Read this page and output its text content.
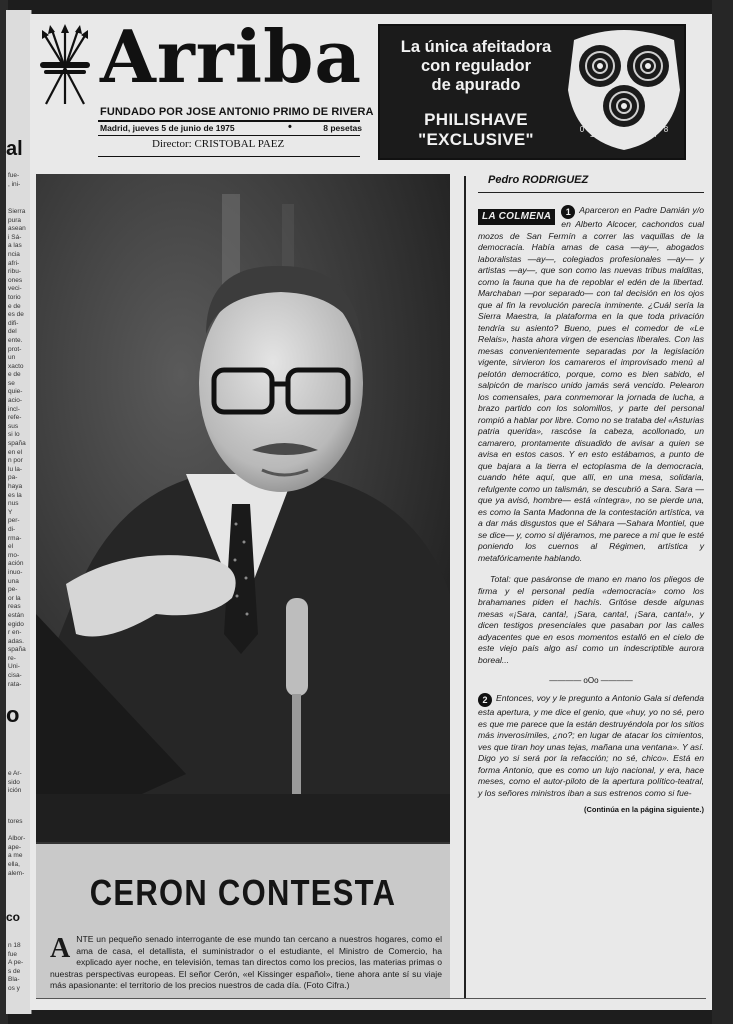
al
fue-
, ini-
Sierra
pura
asean
i Sá-
a las
ncia
afri-
ribu-
ones
veci-
torio
e de
es de
difi-
del
ente.
prot-
un
xacto
e de
se
quie-
acio-
incl-
refe-
sus
si lo
spaña
en el
n por
lu la-
pa-
haya
es la
nus
Y
per-
di-
rma-
el
mo-
ación
inuo-
una
pe-
or la
reas
están
egido
r en-
adas.
spaña
re-
Uni-
cisa-
rata-
o
e Ar-
sido
ición
tores

Albor-
ape-
a me
ella,
alem-
co
n 18
fue
A pe-
s de
Bla-
os y
Arriba
FUNDADO POR JOSE ANTONIO PRIMO DE RIVERA
Madrid, jueves 5 de junio de 1975	•	8 pesetas
Director: CRISTOBAL PAEZ
La única afeitadora
con regulador
de apurado
PHILISHAVE
"EXCLUSIVE"
0
1 2 3 4 5 6 7
8
CERON CONTESTA
A NTE un pequeño senado interrogante de ese mundo tan cercano a nuestros hogares, como el ama de casa, el detallista, el suministrador o el estudiante, el Ministro de Comercio, ha explicado ayer noche, en televisión, temas tan directos como los precios, las materias primas o nuestras perspectivas europeas. El señor Cerón, «el Kissinger español», tiene ahora ante sí su viaje más apasionante: el territorio de los precios nuestros de cada día. (Foto Cifra.)
Pedro RODRIGUEZ
LA COLMENA	1 Aparceron en Padre Damián y/o en Alberto Alcocer, cachondos cual mozos de San Fermín a correr las vaquillas de la democracia. Había amas de casa —ay—, abogados laboralistas —ay—, colegiados profesionales —ay— y artistas —ay—, que son como las nuevas tribus malditas, como la fauna que ha de repoblar el edén de la libertad. Marchaban —por separado— con tal decisión en los ojos que al fin la revolución parecía inminente. ¿Cuál sería la Sierra Maestra, la plataforma en la que toda privación tendría su asiento? Bueno, pues el comedor de «Le Relais», hasta ahora virgen de esencias liberales. Con las mesas convenientemente separadas por la legislación vigente, sirvieron los camareros el improvisado menú al pelotón democrático, porque, como es bien sabido, el salpicón de marisco unido jamás será vencido. Pelearon los comensales, para conmemorar la jornada de lucha, a brazo partido con los solomillos, y parte del personal rompió a hablar por libre. Como no se trataba del «Asturias patria querida», rascóse la cabeza, acollonado, un camarero, prontamente disuadido de avisar a quien se avisa en estos casos. Y en esto estábamos, a punto de que bajara a la tierra el ectoplasma de la democracia, cuando héte aquí, que allí, en una mesa, solidaria, refulgente como un talismán, se descubrió a Sara. Sara —que ya avisó, hombre— está «íntegra», no se pierde una, es como la Santa Madonna de la contestación artística, va a dar más disgustos que el Sáhara —Sahara Montiel, que se dice— y, como si dijéramos, me parece a mí que le esté poniendo los cuernos al Régimen, artística y metafóricamente hablando.
Total: que pasáronse de mano en mano los pliegos de firma y el personal pedía «democracia» como los brahamanes piden el hachís. Gritóse desde algunas mesas «¡Sara, canta!, ¡Sara, canta!, ¡Sara, canta!», y dicen testigos presenciales que pasaban por las calles adyacentes que en esos momentos estalló en el cielo de este viejo país algo así como un indescriptible aurora boreal...
———— oOo ————
2 Entonces, voy y le pregunto a Antonio Gala si defenda esta apertura, y me dice el genio, que «huy, yo no sé, pero es que me parece que la están destruyéndola por los sitios más inverosímiles, ¿no?; en lugar de atacar los cimientos, ves que tiran hoy unas tejas, mañana una ventana». Y así. Digo yo si será por la refacción; no sé, chico». Está en forma Antonio, que es como un lujo nacional, y era, hace meses, como el autor-piloto de la apertura político-teatral, y los señores ministros iban a sus estrenos como si fue-
(Continúa en la página siguiente.)
